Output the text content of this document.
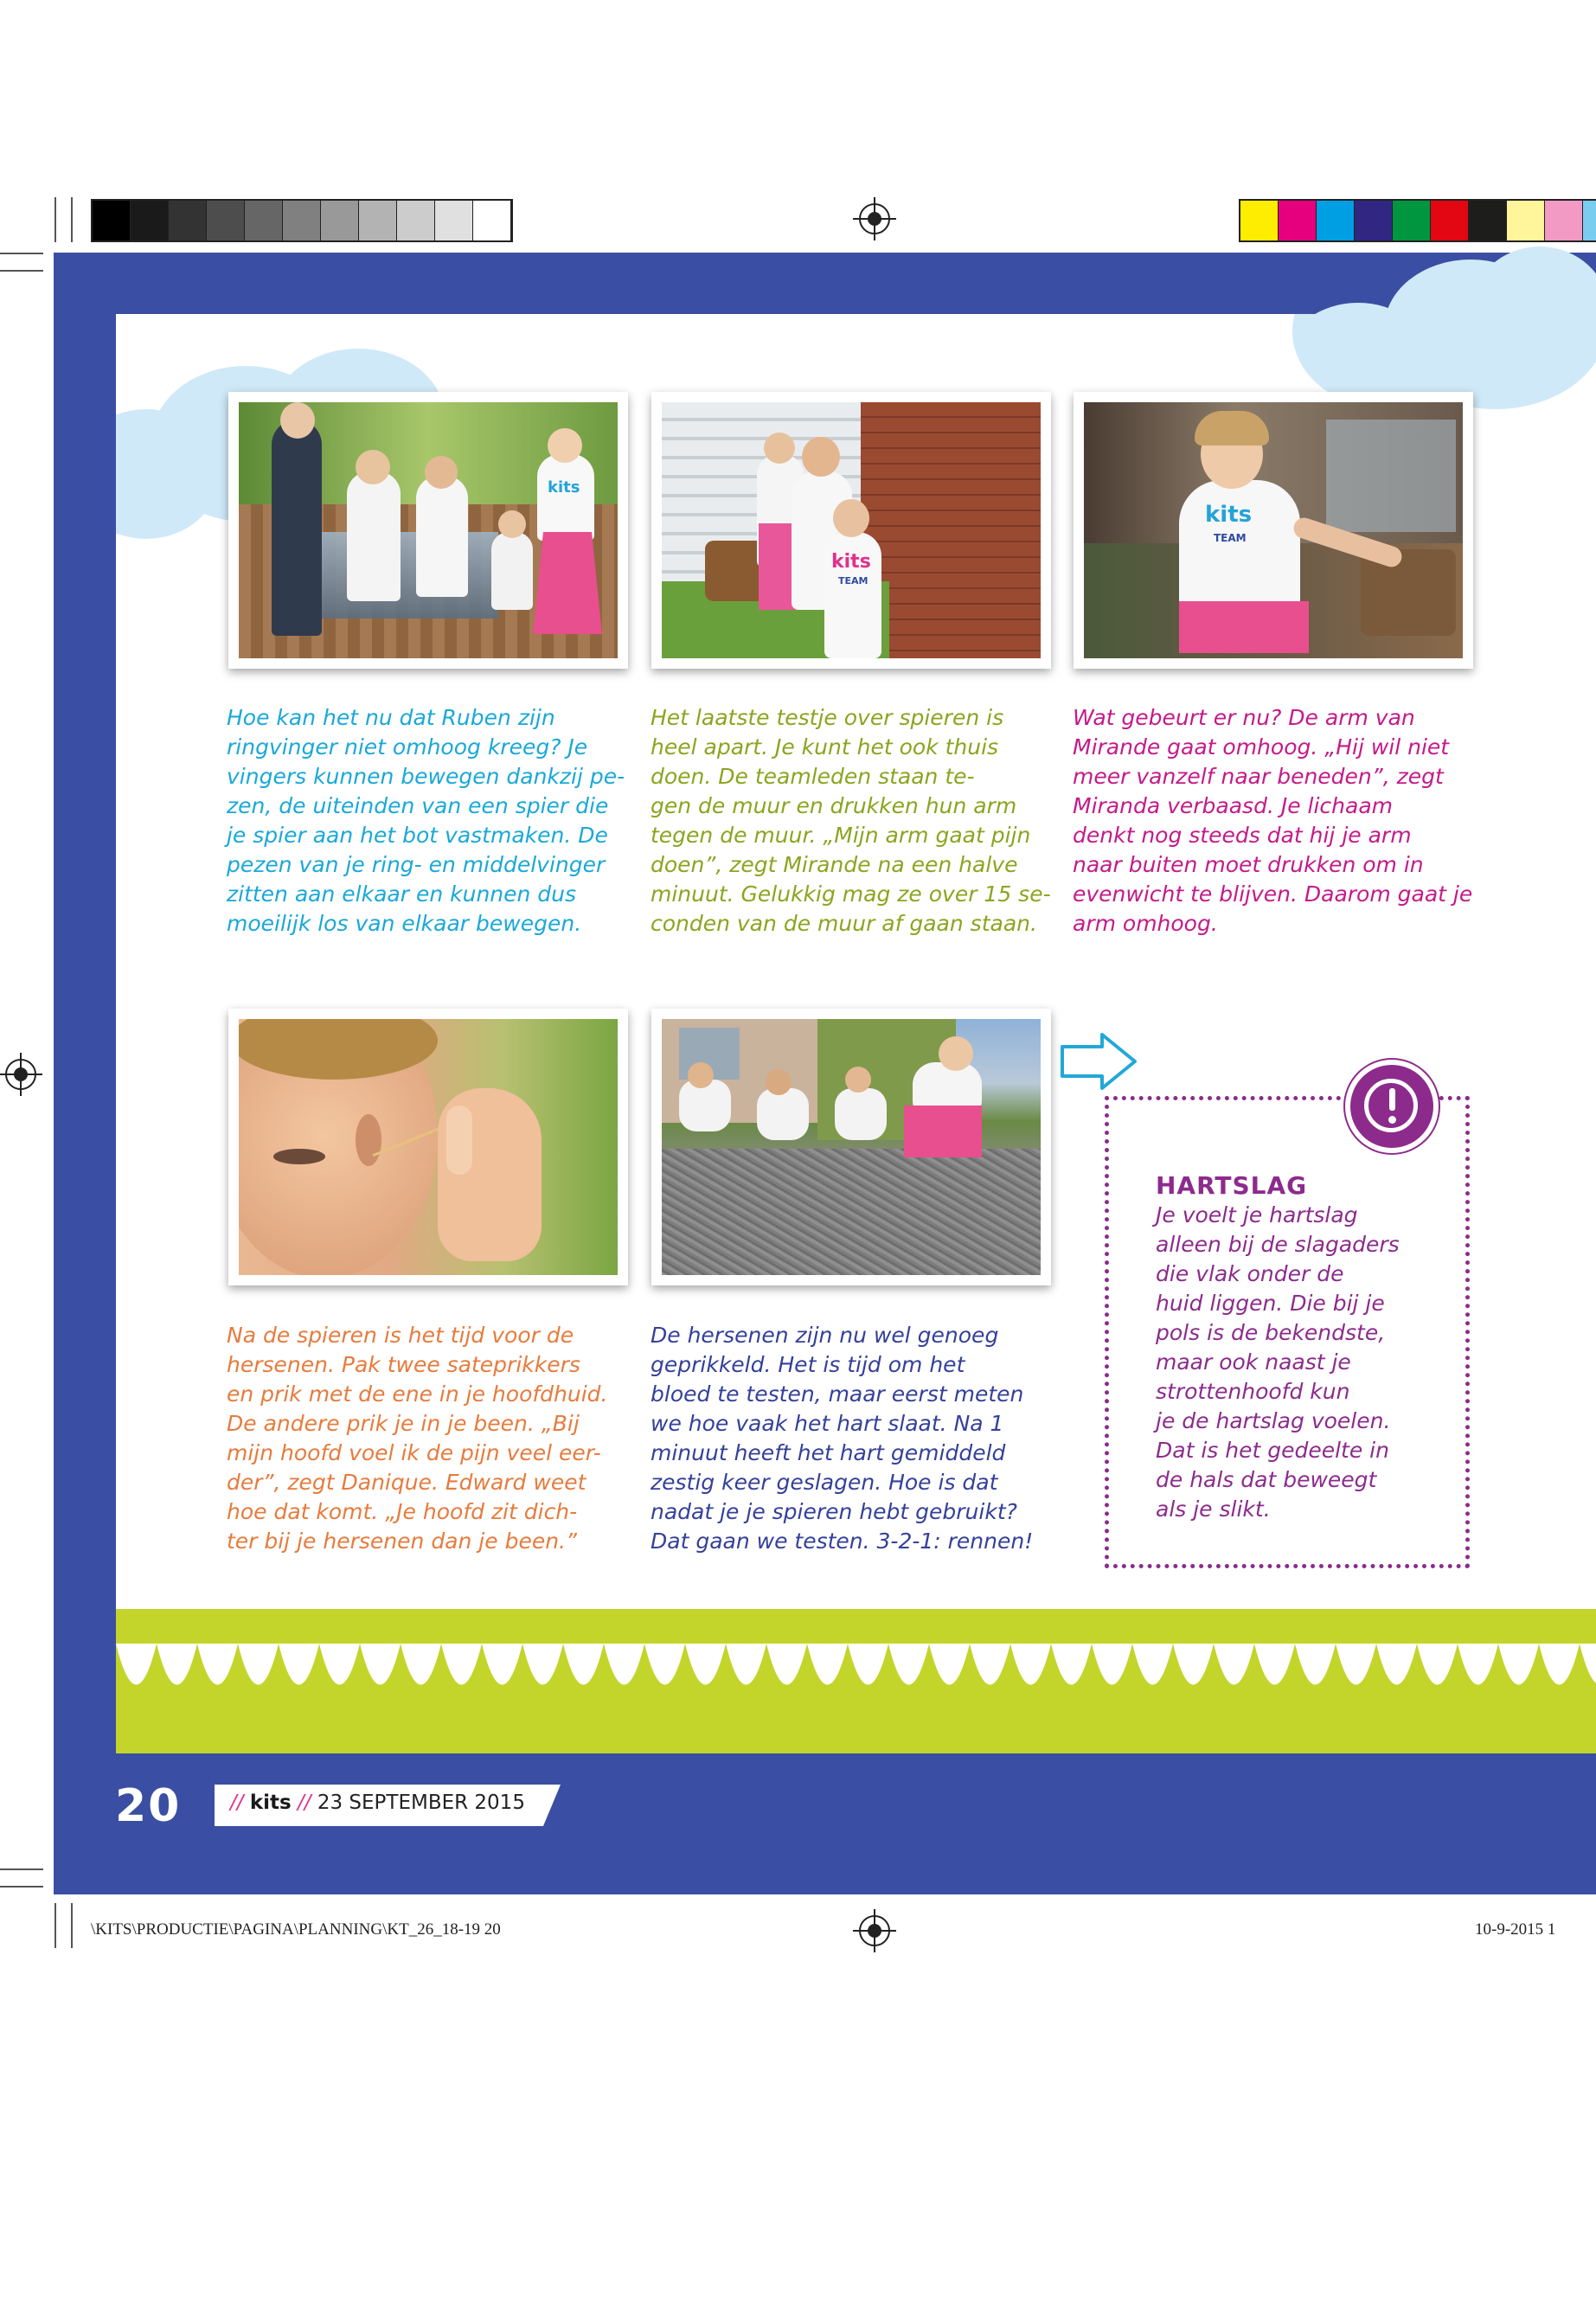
kits
kits
TEAM
kits
TEAM
Hoe kan het nu dat Ruben zijn
ringvinger niet omhoog kreeg? Je
vingers kunnen bewegen dankzij pe-
zen, de uiteinden van een spier die
je spier aan het bot vastmaken. De
pezen van je ring- en middelvinger
zitten aan elkaar en kunnen dus
moeilijk los van elkaar bewegen.
Het laatste testje over spieren is
heel apart. Je kunt het ook thuis
doen. De teamleden staan te-
gen de muur en drukken hun arm
tegen de muur. „Mijn arm gaat pijn
doen”, zegt Mirande na een halve
minuut. Gelukkig mag ze over 15 se-
conden van de muur af gaan staan.
Wat gebeurt er nu? De arm van
Mirande gaat omhoog. „Hij wil niet
meer vanzelf naar beneden”, zegt
Miranda verbaasd. Je lichaam
denkt nog steeds dat hij je arm
naar buiten moet drukken om in
evenwicht te blijven. Daarom gaat je
arm omhoog.
Na de spieren is het tijd voor de
hersenen. Pak twee sateprikkers
en prik met de ene in je hoofdhuid.
De andere prik je in je been. „Bij
mijn hoofd voel ik de pijn veel eer-
der”, zegt Danique. Edward weet
hoe dat komt. „Je hoofd zit dich-
ter bij je hersenen dan je been.”
De hersenen zijn nu wel genoeg
geprikkeld. Het is tijd om het
bloed te testen, maar eerst meten
we hoe vaak het hart slaat. Na 1
minuut heeft het hart gemiddeld
zestig keer geslagen. Hoe is dat
nadat je je spieren hebt gebruikt?
Dat gaan we testen. 3-2-1: rennen!
HARTSLAG
Je voelt je hartslag
alleen bij de slagaders
die vlak onder de
huid liggen. Die bij je
pols is de bekendste,
maar ook naast je
strottenhoofd kun
je de hartslag voelen.
Dat is het gedeelte in
de hals dat beweegt
als je slikt.
20 // kits // 23 SEPTEMBER 2015
\KITS\PRODUCTIE\PAGINA\PLANNING\KT_26_18-19 20	10-9-2015 1
